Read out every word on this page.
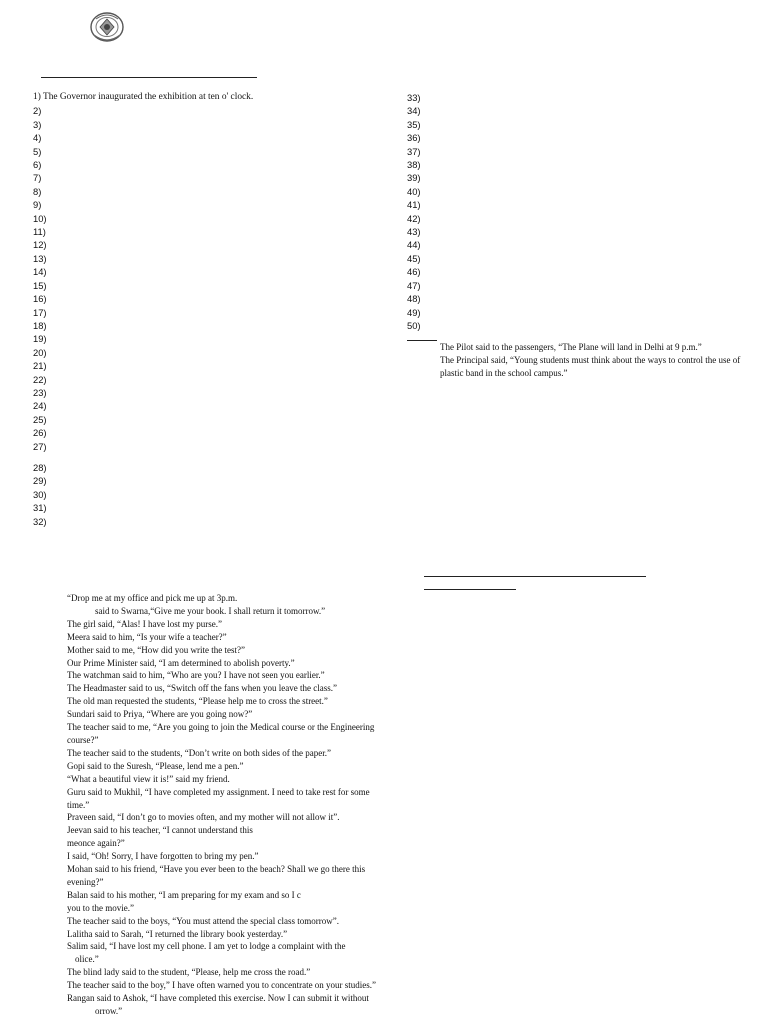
1) The Governor inaugurated the exhibition at ten o' clock.
2)
3)
4)
5)
6)
7)
8)
9)
10)
11)
12)
13)
14)
15)
16)
17)
18)
19)
20)
21)
22)
23)
24)
25)
26)
27)
28)
29)
30)
31)
32)
33)
34)
35)
36)
37)
38)
39)
40)
41)
42)
43)
44)
45)
46)
47)
48)
49)
50)

The Pilot said to the passengers, “The Plane will land in Delhi at 9 p.m.”

The Principal said, “Young students must think about the ways to control the use of plastic band in the school campus.”

“Drop me at my office and pick me up at 3p.m.

said to Swarna,“Give me your book. I shall return it tomorrow.”

The girl said, “Alas! I have lost my purse.”

Meera said to him, “Is your wife a teacher?”

Mother said to me, “How did you write the test?”

Our Prime Minister said, “I am determined to abolish poverty.”

The watchman said to him, “Who are you? I have not seen you earlier.”

The Headmaster said to us, “Switch off the fans when you leave the class.”

The old man requested the students, “Please help me to cross the street.”

Sundari said to Priya, “Where are you going now?”

The teacher said to me, “Are you going to join the Medical course or the Engineering course?”

The teacher said to the students, “Don’t write on both sides of the paper.”

Gopi said to the Suresh, “Please, lend me a pen.”

“What a beautiful view it is!” said my friend.

Guru said to Mukhil, “I have completed my assignment. I need to take rest for some time.”

Praveen said, “I don’t go to movies often, and my mother will not allow it”.

Jeevan said to his teacher, “I cannot understand this

meonce again?”

I said, “Oh! Sorry, I have forgotten to bring my pen.”

Mohan said to his friend, “Have you ever been to the beach? Shall we go there this evening?”

Balan said to his mother, “I am preparing for my exam and so I c

you to the movie.”

The teacher said to the boys, “You must attend the special class tomorrow”.

Lalitha said to Sarah, “I returned the library book yesterday.”

Salim said, “I have lost my cell phone. I am yet to lodge a complaint with the

olice.”

The blind lady said to the student, “Please, help me cross the road.”

The teacher said to the boy,” I have often warned you to concentrate on your studies.”

Rangan said to Ashok, “I have completed this exercise. Now I can submit it without

orrow.”
